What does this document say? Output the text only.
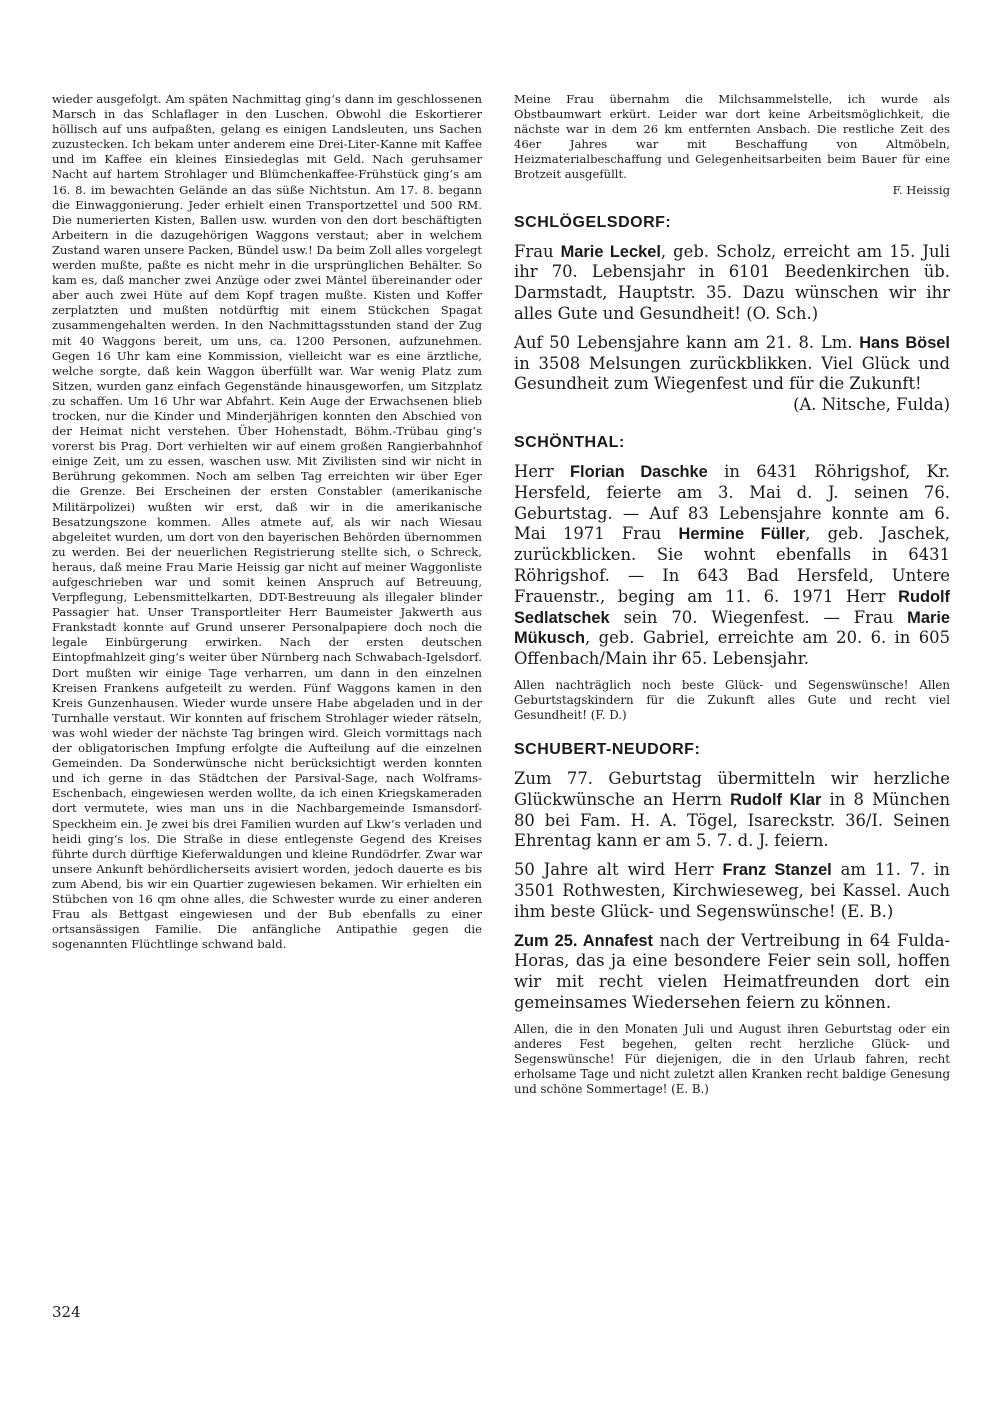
wieder ausgefolgt. Am späten Nachmittag ging‘s dann im geschlossenen Marsch in das Schlaflager in den Luschen. Obwohl die Eskortierer höllisch auf uns aufpaßten, gelang es einigen Landsleuten, uns Sachen zuzustecken. Ich bekam unter anderem eine Drei-Liter-Kanne mit Kaffee und im Kaffee ein kleines Einsiedeglas mit Geld. Nach geruhsamer Nacht auf hartem Strohlager und Blümchenkaffee-Frühstück ging‘s am 16. 8. im bewachten Gelände an das süße Nichtstun. Am 17. 8. begann die Einwaggonierung. Jeder erhielt einen Transportzettel und 500 RM. Die numerierten Kisten, Ballen usw. wurden von den dort beschäftigten Arbeitern in die dazugehörigen Waggons verstaut; aber in welchem Zustand waren unsere Packen, Bündel usw.! Da beim Zoll alles vorgelegt werden mußte, paßte es nicht mehr in die ursprünglichen Behälter. So kam es, daß mancher zwei Anzüge oder zwei Mäntel übereinander oder aber auch zwei Hüte auf dem Kopf tragen mußte. Kisten und Koffer zerplatzten und mußten notdürftig mit einem Stückchen Spagat zusammengehalten werden. In den Nachmittagsstunden stand der Zug mit 40 Waggons bereit, um uns, ca. 1200 Personen, aufzunehmen. Gegen 16 Uhr kam eine Kommission, vielleicht war es eine ärztliche, welche sorgte, daß kein Waggon überfüllt war. War wenig Platz zum Sitzen, wurden ganz einfach Gegenstände hinausgeworfen, um Sitzplatz zu schaffen. Um 16 Uhr war Abfahrt. Kein Auge der Erwachsenen blieb trocken, nur die Kinder und Minderjährigen konnten den Abschied von der Heimat nicht verstehen. Über Hohenstadt, Böhm.-Trübau ging‘s vorerst bis Prag. Dort verhielten wir auf einem großen Rangierbahnhof einige Zeit, um zu essen, waschen usw. Mit Zivilisten sind wir nicht in Berührung gekommen. Noch am selben Tag erreichten wir über Eger die Grenze. Bei Erscheinen der ersten Constabler (amerikanische Militärpolizei) wußten wir erst, daß wir in die amerikanische Besatzungszone kommen. Alles atmete auf, als wir nach Wiesau abgeleitet wurden, um dort von den bayerischen Behörden übernommen zu werden. Bei der neuerlichen Registrierung stellte sich, o Schreck, heraus, daß meine Frau Marie Heissig gar nicht auf meiner Waggonliste aufgeschrieben war und somit keinen Anspruch auf Betreuung, Verpflegung, Lebensmittelkarten, DDT-Bestreuung als illegaler blinder Passagier hat. Unser Transportleiter Herr Baumeister Jakwerth aus Frankstadt konnte auf Grund unserer Personalpapiere doch noch die legale Einbürgerung erwirken. Nach der ersten deutschen Eintopfmahlzeit ging‘s weiter über Nürnberg nach Schwabach-Igelsdorf. Dort mußten wir einige Tage verharren, um dann in den einzelnen Kreisen Frankens aufgeteilt zu werden. Fünf Waggons kamen in den Kreis Gunzenhausen. Wieder wurde unsere Habe abgeladen und in der Turnhalle verstaut. Wir konnten auf frischem Strohlager wieder rätseln, was wohl wieder der nächste Tag bringen wird. Gleich vormittags nach der obligatorischen Impfung erfolgte die Aufteilung auf die einzelnen Gemeinden. Da Sonderwünsche nicht berücksichtigt werden konnten und ich gerne in das Städtchen der Parsival-Sage, nach Wolframs-Eschenbach, eingewiesen werden wollte, da ich einen Kriegskameraden dort vermutete, wies man uns in die Nachbargemeinde Ismansdorf-Speckheim ein. Je zwei bis drei Familien wurden auf Lkw‘s verladen und heidi ging‘s los. Die Straße in diese entlegenste Gegend des Kreises führte durch dürftige Kieferwaldungen und kleine Rundödrfer. Zwar war unsere Ankunft behördlicherseits avisiert worden, jedoch dauerte es bis zum Abend, bis wir ein Quartier zugewiesen bekamen. Wir erhielten ein Stübchen von 16 qm ohne alles, die Schwester wurde zu einer anderen Frau als Bettgast eingewiesen und der Bub ebenfalls zu einer ortsansässigen Familie. Die anfängliche Antipathie gegen die sogenannten Flüchtlinge schwand bald.

Meine Frau übernahm die Milchsammelstelle, ich wurde als Obstbaumwart erkürt. Leider war dort keine Arbeitsmöglichkeit, die nächste war in dem 26 km entfernten Ansbach. Die restliche Zeit des 46er Jahres war mit Beschaffung von Altmöbeln, Heizmaterialbeschaffung und Gelegenheitsarbeiten beim Bauer für eine Brotzeit ausgefüllt.
F. Heissig

SCHLÖGELSDORF:

Frau Marie Leckel, geb. Scholz, erreicht am 15. Juli ihr 70. Lebensjahr in 6101 Beedenkirchen üb. Darmstadt, Hauptstr. 35. Dazu wünschen wir ihr alles Gute und Gesundheit! (O. Sch.)

Auf 50 Lebensjahre kann am 21. 8. Lm. Hans Bösel in 3508 Melsungen zurückblikken. Viel Glück und Gesundheit zum Wiegenfest und für die Zukunft!
(A. Nitsche, Fulda)

SCHÖNTHAL:

Herr Florian Daschke in 6431 Röhrigshof, Kr. Hersfeld, feierte am 3. Mai d. J. seinen 76. Geburtstag. — Auf 83 Lebensjahre konnte am 6. Mai 1971 Frau Hermine Füller, geb. Jaschek, zurückblicken. Sie wohnt ebenfalls in 6431 Röhrigshof. — In 643 Bad Hersfeld, Untere Frauenstr., beging am 11. 6. 1971 Herr Rudolf Sedlatschek sein 70. Wiegenfest. — Frau Marie Mükusch, geb. Gabriel, erreichte am 20. 6. in 605 Offenbach/Main ihr 65. Lebensjahr.

Allen nachträglich noch beste Glück- und Segenswünsche! Allen Geburtstagskindern für die Zukunft alles Gute und recht viel Gesundheit! (F. D.)

SCHUBERT-NEUDORF:

Zum 77. Geburtstag übermitteln wir herzliche Glückwünsche an Herrn Rudolf Klar in 8 München 80 bei Fam. H. A. Tögel, Isareckstr. 36/I. Seinen Ehrentag kann er am 5. 7. d. J. feiern.

50 Jahre alt wird Herr Franz Stanzel am 11. 7. in 3501 Rothwesten, Kirchwieseweg, bei Kassel. Auch ihm beste Glück- und Segenswünsche! (E. B.)

Zum 25. Annafest nach der Vertreibung in 64 Fulda-Horas, das ja eine besondere Feier sein soll, hoffen wir mit recht vielen Heimatfreunden dort ein gemeinsames Wiedersehen feiern zu können.

Allen, die in den Monaten Juli und August ihren Geburtstag oder ein anderes Fest begehen, gelten recht herzliche Glück- und Segenswünsche! Für diejenigen, die in den Urlaub fahren, recht erholsame Tage und nicht zuletzt allen Kranken recht baldige Genesung und schöne Sommertage! (E. B.)

324
